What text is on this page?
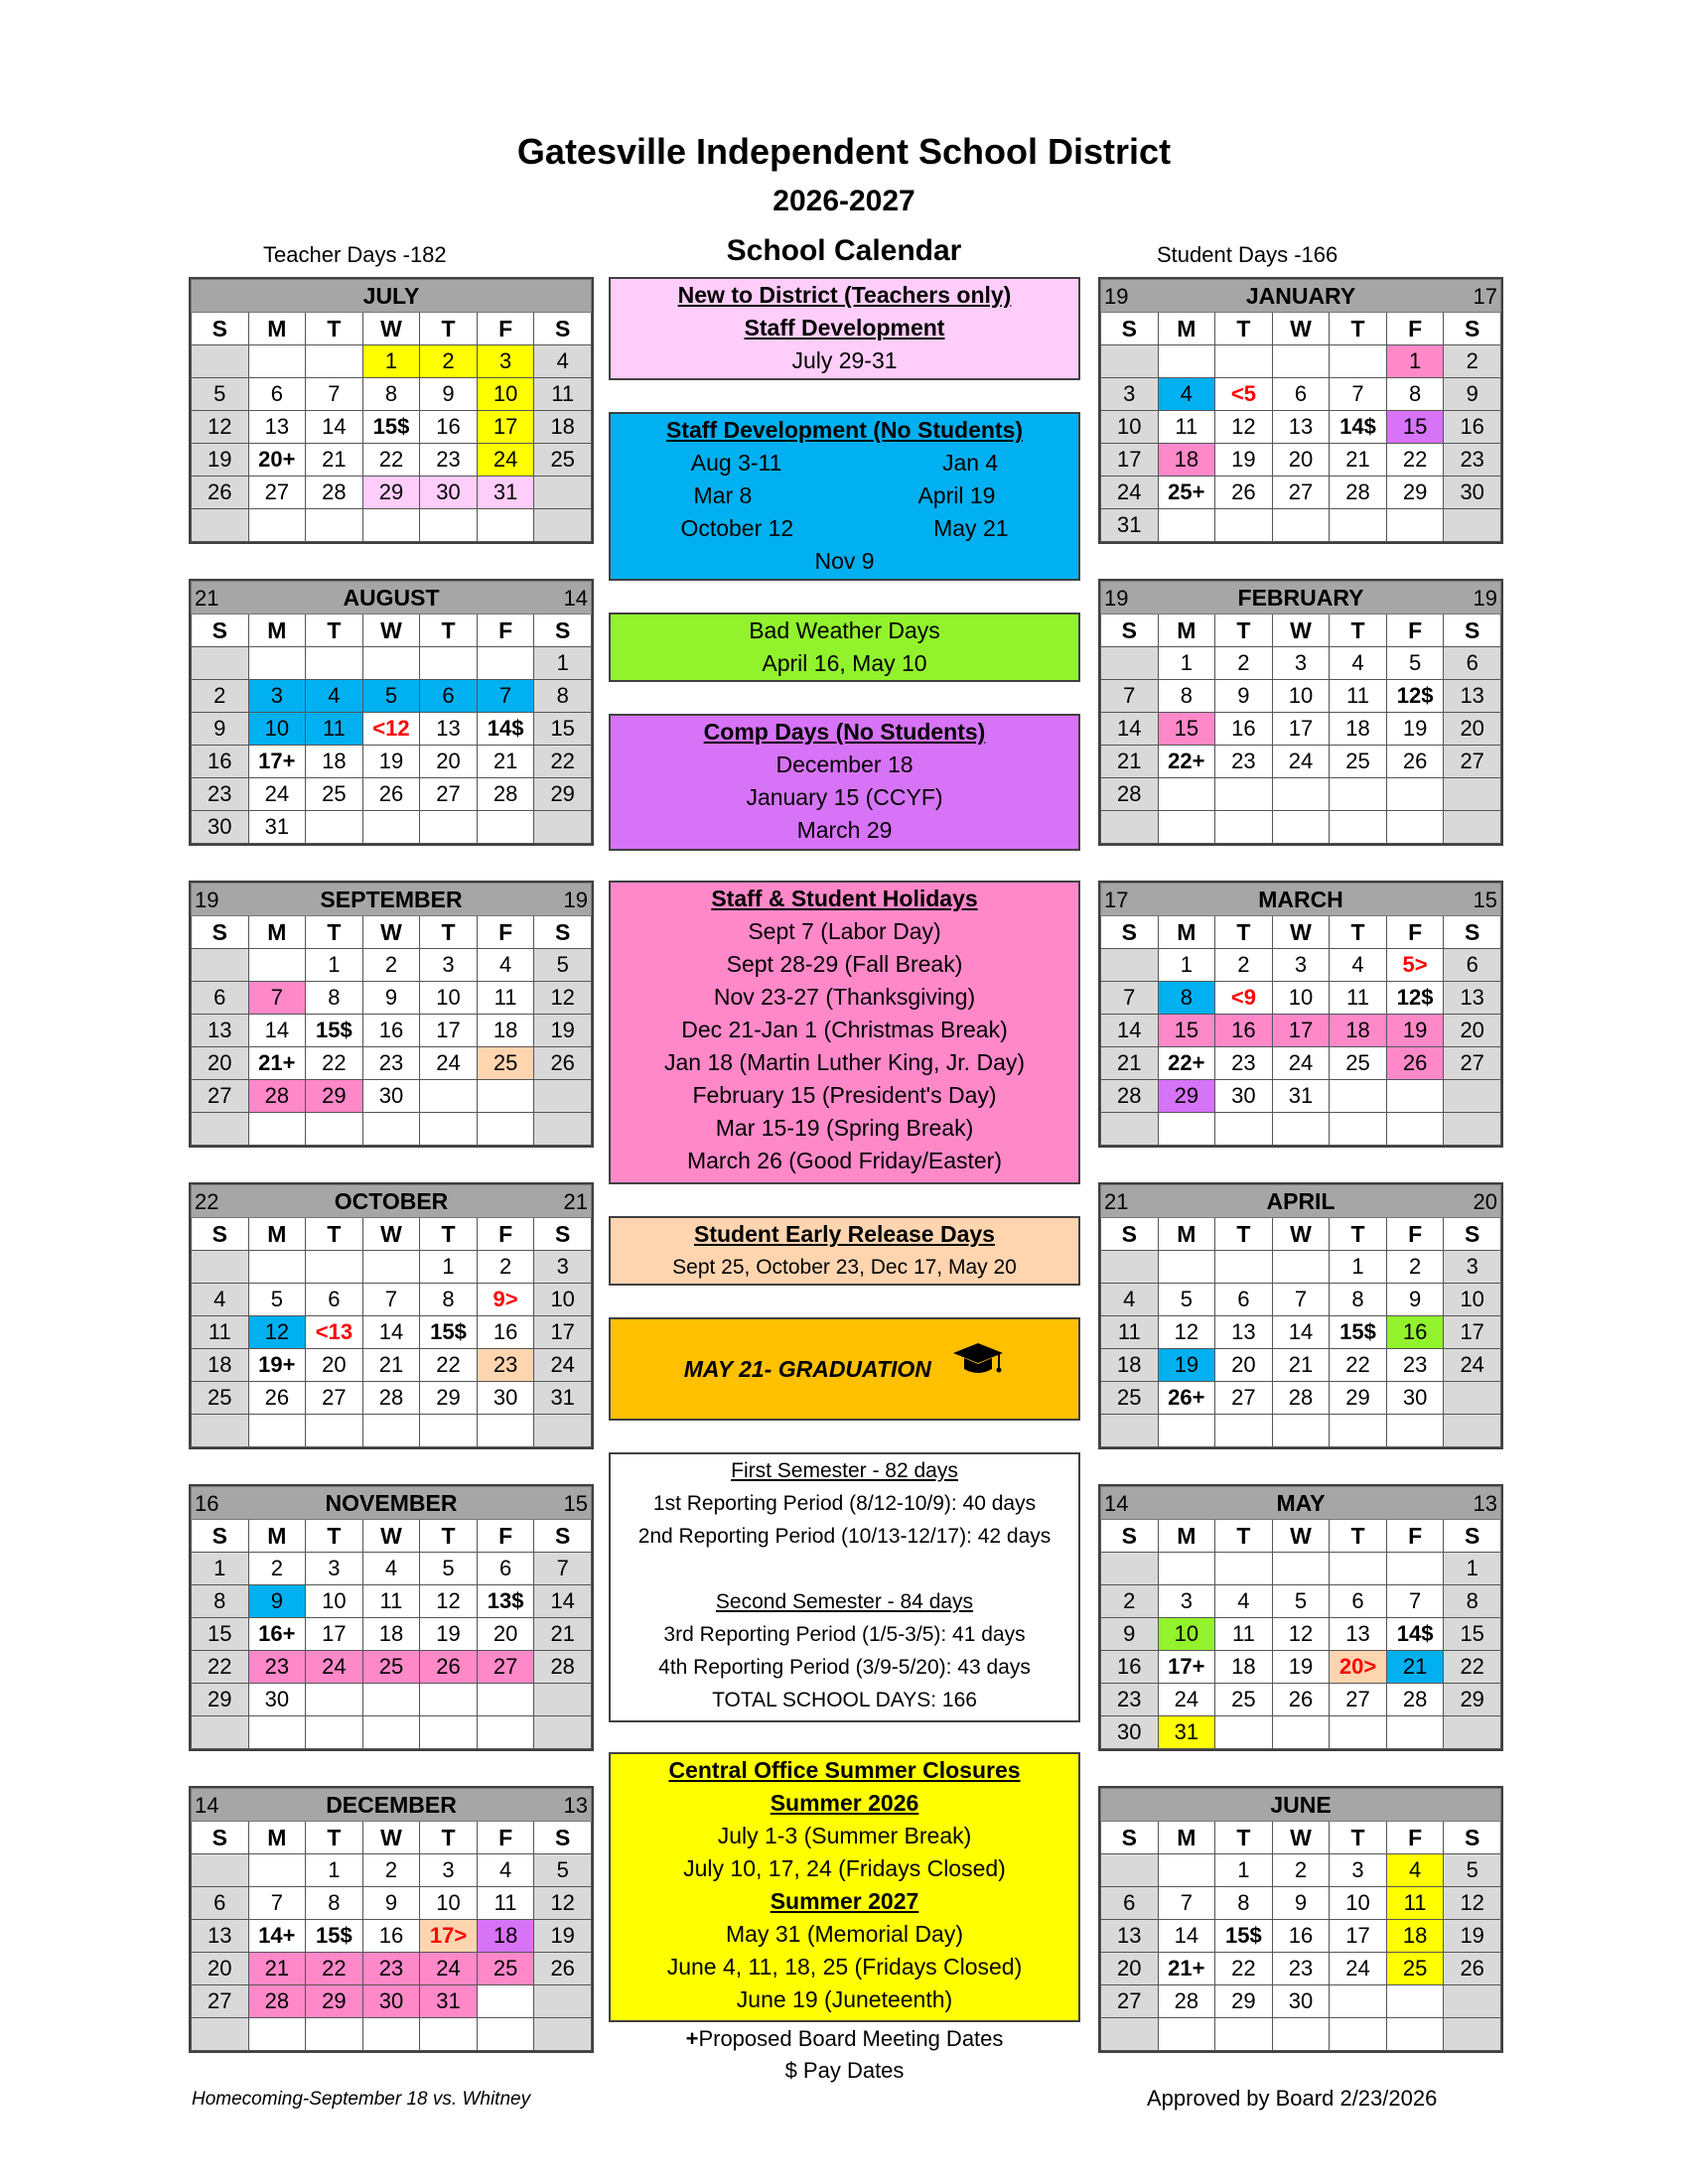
Gatesville Independent School District
2026-2027
School Calendar
Teacher Days -182	Student Days -166
JULY						

S	M	T	W	T	F	S
			1	2	3	4
5	6	7	8	9	10	11
12	13	14	15$	16	17	18
19	20+	21	22	23	24	25
26	27	28	29	30	31	

21 AUGUST 14						

S	M	T	W	T	F	S
						1
2	3	4	5	6	7	8
9	10	11	<12	13	14$	15
16	17+	18	19	20	21	22
23	24	25	26	27	28	29
30	31					
19 SEPTEMBER 19						

S	M	T	W	T	F	S
		1	2	3	4	5
6	7	8	9	10	11	12
13	14	15$	16	17	18	19
20	21+	22	23	24	25	26
27	28	29	30			

22 OCTOBER 21						

S	M	T	W	T	F	S
				1	2	3
4	5	6	7	8	9>	10
11	12	<13	14	15$	16	17
18	19+	20	21	22	23	24
25	26	27	28	29	30	31

16 NOVEMBER 15						

S	M	T	W	T	F	S
1	2	3	4	5	6	7
8	9	10	11	12	13$	14
15	16+	17	18	19	20	21
22	23	24	25	26	27	28
29	30					

14 DECEMBER 13						

S	M	T	W	T	F	S
		1	2	3	4	5
6	7	8	9	10	11	12
13	14+	15$	16	17>	18	19
20	21	22	23	24	25	26
27	28	29	30	31		

19 JANUARY 17						

S	M	T	W	T	F	S
					1	2
3	4	<5	6	7	8	9
10	11	12	13	14$	15	16
17	18	19	20	21	22	23
24	25+	26	27	28	29	30
31						
19 FEBRUARY 19						

S	M	T	W	T	F	S
	1	2	3	4	5	6
7	8	9	10	11	12$	13
14	15	16	17	18	19	20
21	22+	23	24	25	26	27
28						

17 MARCH 15						

S	M	T	W	T	F	S
	1	2	3	4	5>	6
7	8	<9	10	11	12$	13
14	15	16	17	18	19	20
21	22+	23	24	25	26	27
28	29	30	31			

21 APRIL 20						

S	M	T	W	T	F	S
				1	2	3
4	5	6	7	8	9	10
11	12	13	14	15$	16	17
18	19	20	21	22	23	24
25	26+	27	28	29	30	

14 MAY 13						

S	M	T	W	T	F	S
						1
2	3	4	5	6	7	8
9	10	11	12	13	14$	15
16	17+	18	19	20>	21	22
23	24	25	26	27	28	29
30	31					
JUNE						

S	M	T	W	T	F	S
		1	2	3	4	5
6	7	8	9	10	11	12
13	14	15$	16	17	18	19
20	21+	22	23	24	25	26
27	28	29	30			

New to District (Teachers only)
Staff Development
July 29-31
Staff Development (No Students)
Aug 3-11	Jan 4
Mar 8	April 19
October 12	May 21
Nov 9
Bad Weather Days
April 16, May 10
Comp Days (No Students)
December 18
January 15 (CCYF)
March 29
Staff & Student Holidays
Sept 7 (Labor Day)
Sept 28-29 (Fall Break)
Nov 23-27 (Thanksgiving)
Dec 21-Jan 1 (Christmas Break)
Jan 18 (Martin Luther King, Jr. Day)
February 15 (President's Day)
Mar 15-19 (Spring Break)
March 26 (Good Friday/Easter)
Student Early Release Days
Sept 25, October 23, Dec 17, May 20
MAY 21- GRADUATION
First Semester - 82 days
1st Reporting Period (8/12-10/9): 40 days
2nd Reporting Period (10/13-12/17): 42 days
Second Semester - 84 days
3rd Reporting Period (1/5-3/5): 41 days
4th Reporting Period (3/9-5/20): 43 days
TOTAL SCHOOL DAYS: 166
Central Office Summer Closures
Summer 2026
July 1-3 (Summer Break)
July 10, 17, 24 (Fridays Closed)
Summer 2027
May 31 (Memorial Day)
June 4, 11, 18, 25 (Fridays Closed)
June 19 (Juneteenth)
+Proposed Board Meeting Dates
$ Pay Dates
Homecoming-September 18 vs. Whitney	Approved by Board 2/23/2026
